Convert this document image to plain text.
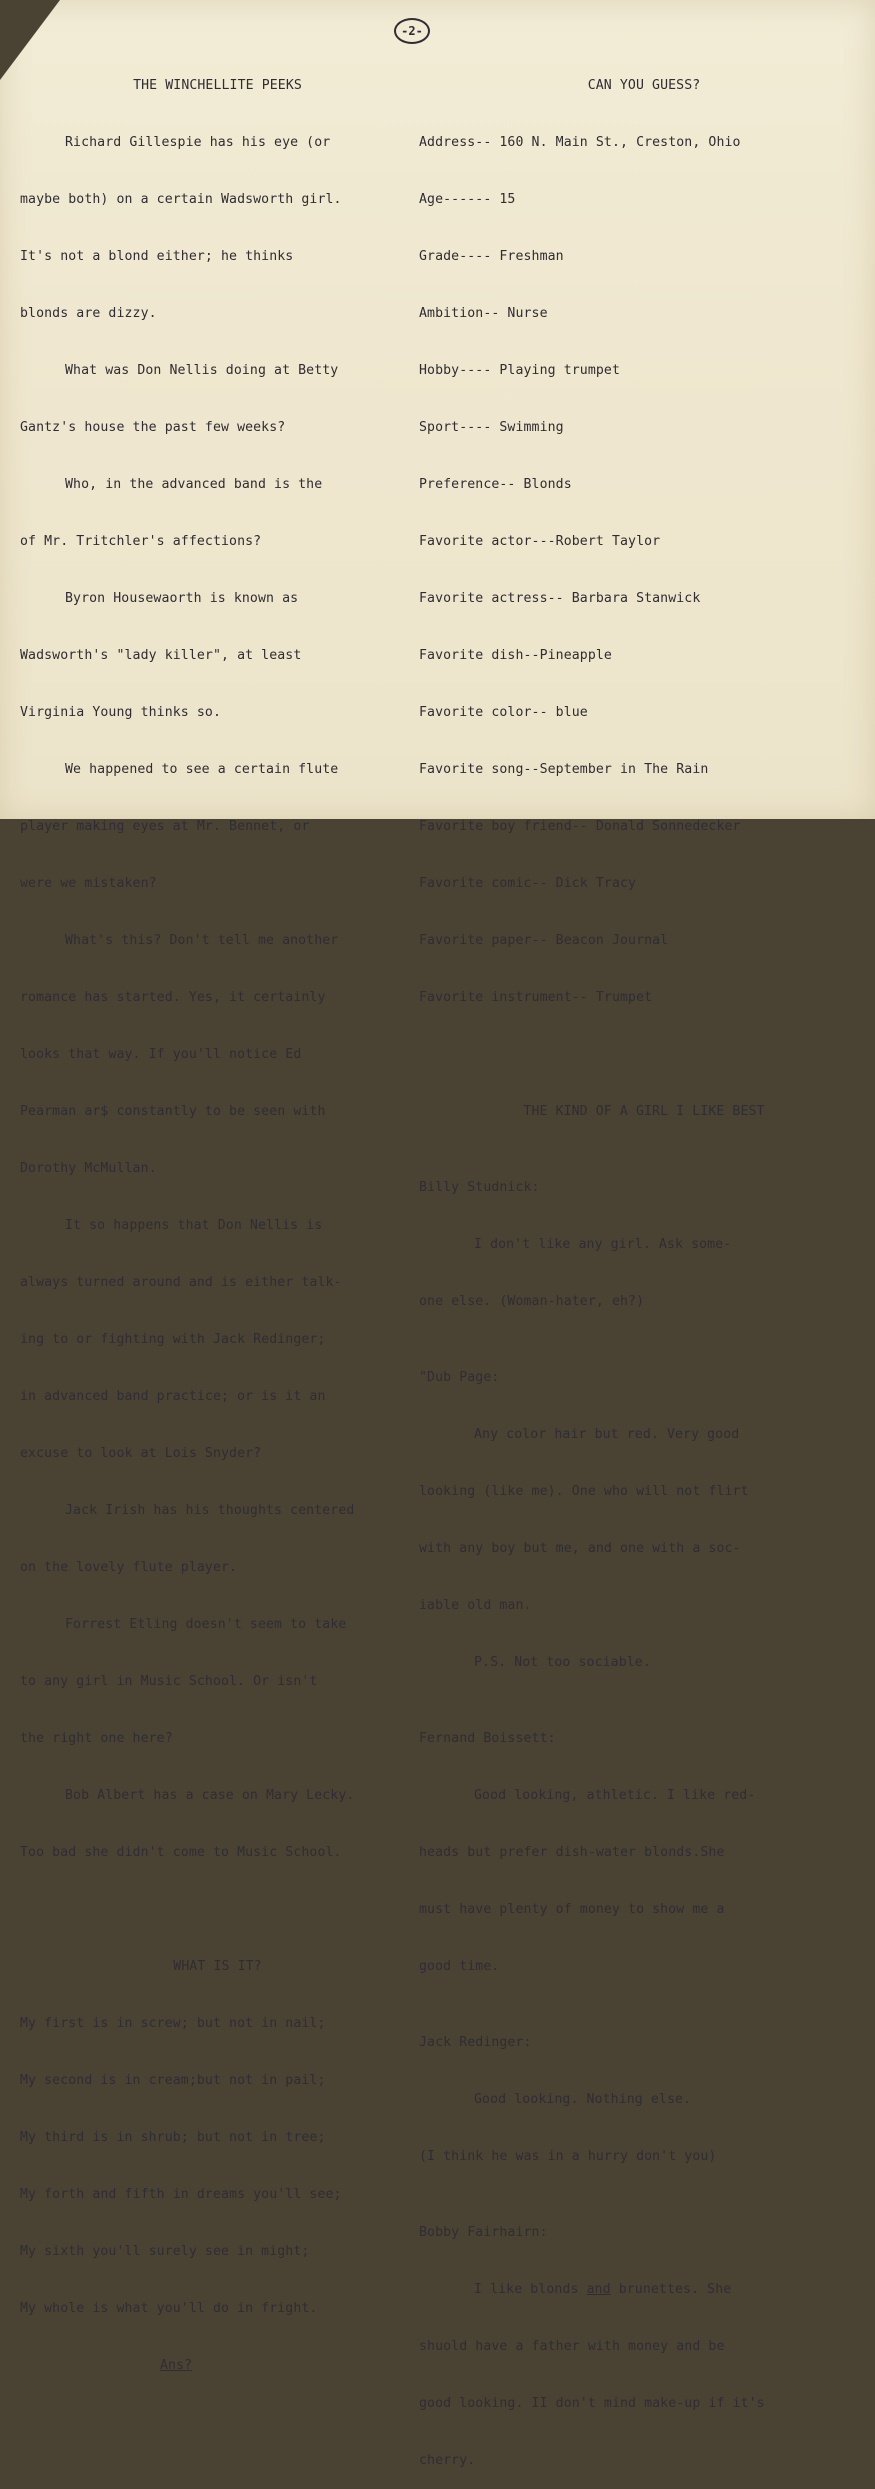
-2-

THE WINCHELLITE PEEKS

Richard Gillespie has his eye (or

maybe both) on a certain Wadsworth girl.

It's not a blond either; he thinks

blonds are dizzy.

What was Don Nellis doing at Betty

Gantz's house the past few weeks?

Who, in the advanced band is the

of Mr. Tritchler's affections?

Byron Housewaorth is known as

Wadsworth's "lady killer", at least

Virginia Young thinks so.

We happened to see a certain flute

player making eyes at Mr. Bennet, or

were we mistaken?

What's this? Don't tell me another

romance has started. Yes, it certainly

looks that way. If you'll notice Ed

Pearman ar$ constantly to be seen with

Dorothy McMullan.

It so happens that Don Nellis is

always turned around and is either talk-

ing to or fighting with Jack Redinger;

in advanced band practice; or is it an

excuse to look at Lois Snyder?

Jack Irish has his thoughts centered

on the lovely flute player.

Forrest Etling doesn't seem to take

to any girl in Music School. Or isn't

the right one here?

Bob Albert has a case on Mary Lecky.

Too bad she didn't come to Music School.

WHAT IS IT?

My first is in screw; but not in nail;

My second is in cream;but not in pail;

My third is in shrub; but not in tree;

My forth and fifth in dreams you'll see;

My sixth you'll surely see in might;

My whole is what you'll do in fright.

Ans?

CAN YOU GUESS?

Address-- 160 N. Main St., Creston, Ohio

Age------ 15

Grade---- Freshman

Ambition-- Nurse

Hobby---- Playing trumpet

Sport---- Swimming

Preference-- Blonds

Favorite actor---Robert Taylor

Favorite actress-- Barbara Stanwick

Favorite dish--Pineapple

Favorite color-- blue

Favorite song--September in The Rain

Favorite boy friend-- Donald Sonnedecker

Favorite comic-- Dick Tracy

Favorite paper-- Beacon Journal

Favorite instrument-- Trumpet

THE KIND OF A GIRL I LIKE BEST

Billy Studnick:

I don't like any girl. Ask some-

one else. (Woman-hater, eh?)

"Dub Page:

Any color hair but red. Very good

looking (like me). One who will not flirt

with any boy but me, and one with a soc-

iable old man.

P.S. Not too sociable.

Fernand Boissett:

Good looking, athletic. I like red-

heads but prefer dish-water blonds.She

must have plenty of money to show me a

good time.

Jack Redinger:

Good looking. Nothing else.

(I think he was in a hurry don't you)

Bobby Fairhairn:

I like blonds and brunettes. She

shuold have a father with money and be

good looking. II don't mind make-up if it's

cherry.
